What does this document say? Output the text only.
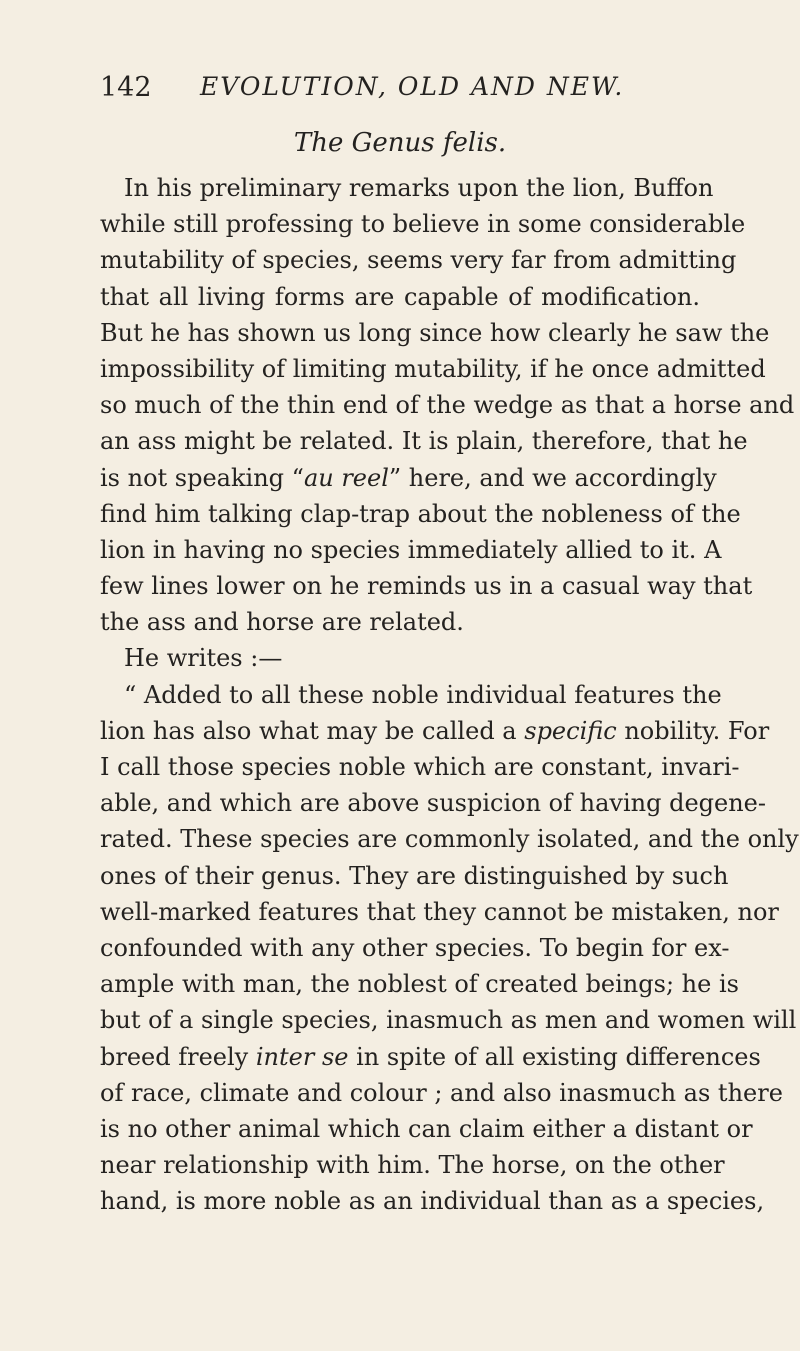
142 EVOLUTION, OLD AND NEW.
The Genus felis.
In his preliminary remarks upon the lion, Buffon
while still professing to believe in some considerable
mutability of species, seems very far from admitting
that all living forms are capable of modification.
But he has shown us long since how clearly he saw the
impossibility of limiting mutability, if he once admitted
so much of the thin end of the wedge as that a horse and
an ass might be related. It is plain, therefore, that he
is not speaking “au reel” here, and we accordingly
find him talking clap-trap about the nobleness of the
lion in having no species immediately allied to it. A
few lines lower on he reminds us in a casual way that
the ass and horse are related.
He writes :—
“ Added to all these noble individual features the
lion has also what may be called a specific nobility. For
I call those species noble which are constant, invari-
able, and which are above suspicion of having degene-
rated. These species are commonly isolated, and the only
ones of their genus. They are distinguished by such
well-marked features that they cannot be mistaken, nor
confounded with any other species. To begin for ex-
ample with man, the noblest of created beings; he is
but of a single species, inasmuch as men and women will
breed freely inter se in spite of all existing differences
of race, climate and colour ; and also inasmuch as there
is no other animal which can claim either a distant or
near relationship with him. The horse, on the other
hand, is more noble as an individual than as a species,
